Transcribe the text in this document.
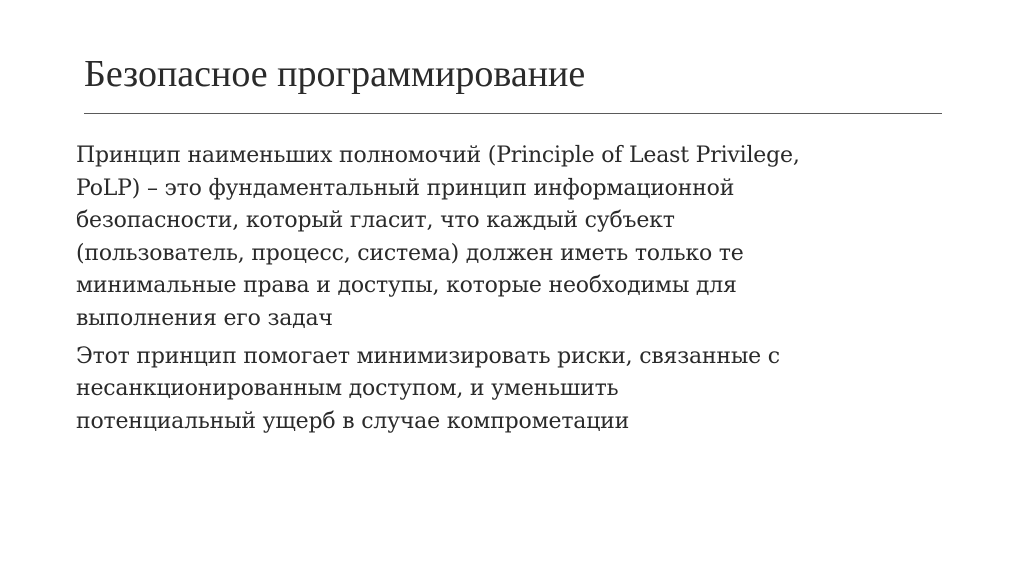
Безопасное программирование

Принцип наименьших полномочий (Principle of Least Privilege,
PoLP) – это фундаментальный принцип информационной
безопасности, который гласит, что каждый субъект
(пользователь, процесс, система) должен иметь только те
минимальные права и доступы, которые необходимы для
выполнения его задач

Этот принцип помогает минимизировать риски, связанные с
несанкционированным доступом, и уменьшить
потенциальный ущерб в случае компрометации
